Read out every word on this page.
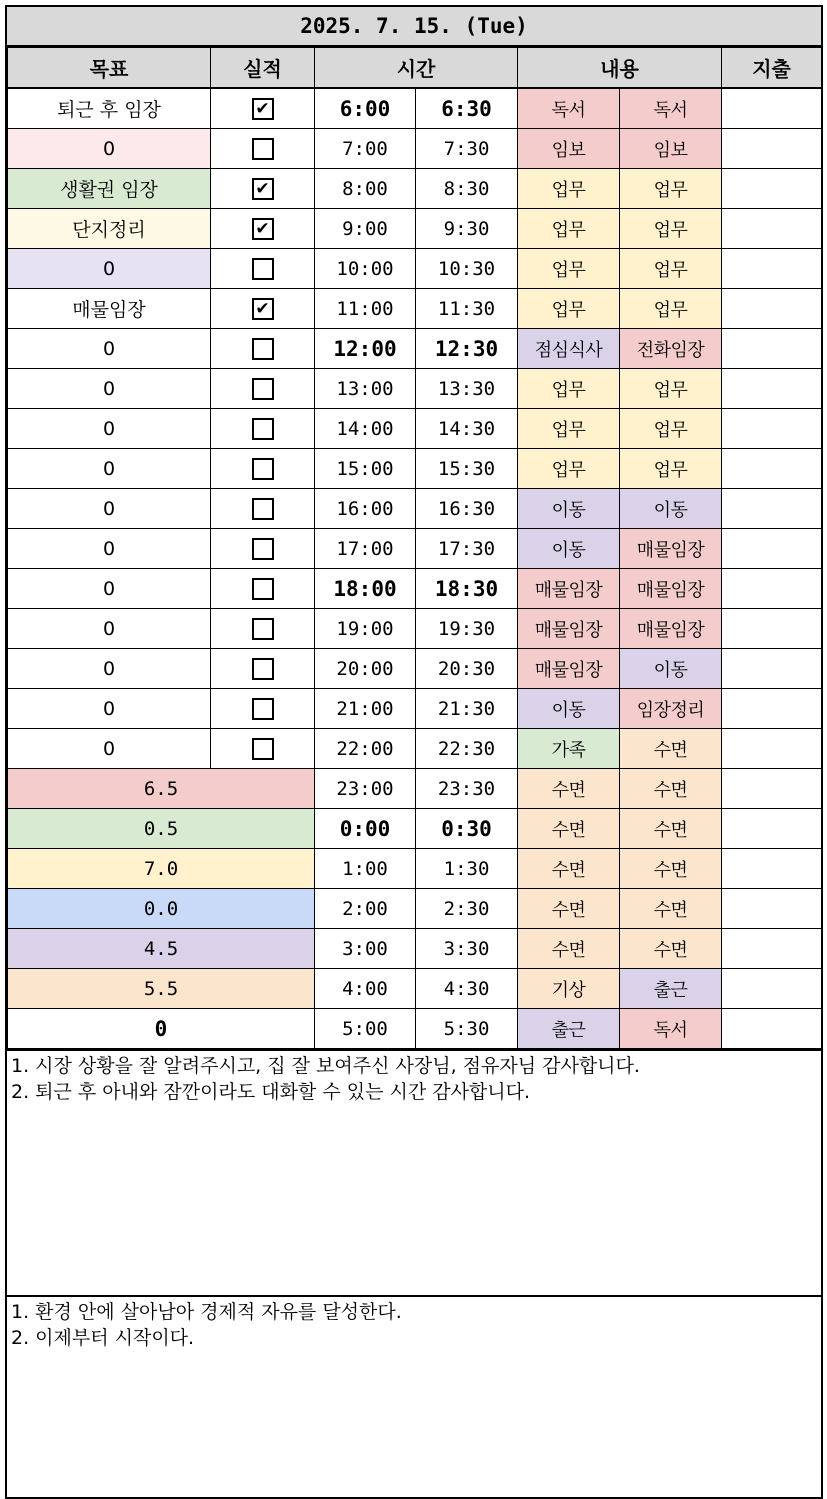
2025. 7. 15. (Tue)
목표	실적	시간		내용		지출
퇴근 후 임장	✔	6:00	6:30	독서	독서	
0		7:00	7:30	임보	임보	
생활권 임장	✔	8:00	8:30	업무	업무	
단지정리	✔	9:00	9:30	업무	업무	
0		10:00	10:30	업무	업무	
매물임장	✔	11:00	11:30	업무	업무	
0		12:00	12:30	점심식사	전화임장	
0		13:00	13:30	업무	업무	
0		14:00	14:30	업무	업무	
0		15:00	15:30	업무	업무	
0		16:00	16:30	이동	이동	
0		17:00	17:30	이동	매물임장	
0		18:00	18:30	매물임장	매물임장	
0		19:00	19:30	매물임장	매물임장	
0		20:00	20:30	매물임장	이동	
0		21:00	21:30	이동	임장정리	
0		22:00	22:30	가족	수면	
6.5		23:00	23:30	수면	수면	
0.5		0:00	0:30	수면	수면	
7.0		1:00	1:30	수면	수면	
0.0		2:00	2:30	수면	수면	
4.5		3:00	3:30	수면	수면	
5.5		4:00	4:30	기상	출근	
0		5:00	5:30	출근	독서	
1. 시장 상황을 잘 알려주시고, 집 잘 보여주신 사장님, 점유자님 감사합니다.
2. 퇴근 후 아내와 잠깐이라도 대화할 수 있는 시간 감사합니다.
1. 환경 안에 살아남아 경제적 자유를 달성한다.
2. 이제부터 시작이다.
